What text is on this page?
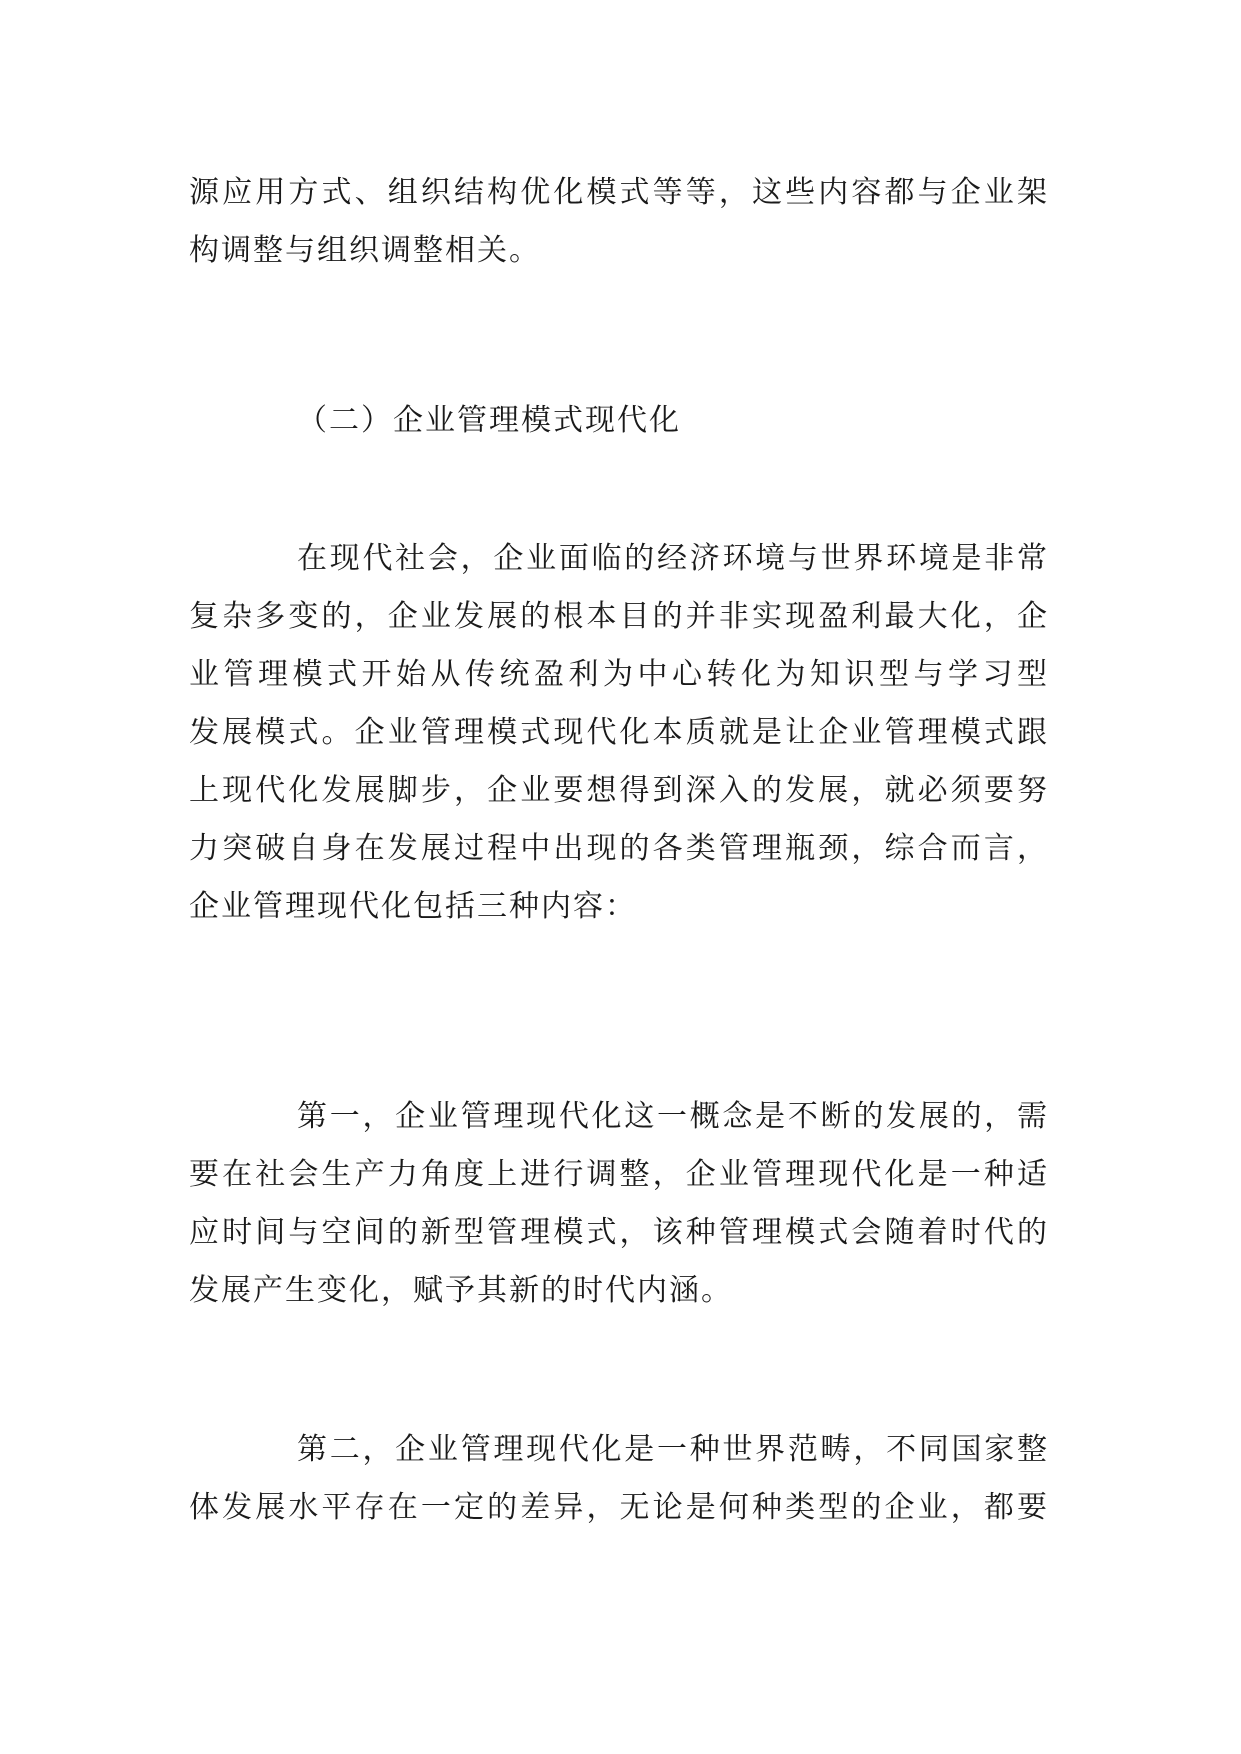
源应用方式、组织结构优化模式等等，这些内容都与企业架
构调整与组织调整相关。
（二）企业管理模式现代化
在现代社会，企业面临的经济环境与世界环境是非常
复杂多变的，企业发展的根本目的并非实现盈利最大化，企
业管理模式开始从传统盈利为中心转化为知识型与学习型
发展模式。企业管理模式现代化本质就是让企业管理模式跟
上现代化发展脚步，企业要想得到深入的发展，就必须要努
力突破自身在发展过程中出现的各类管理瓶颈，综合而言，
企业管理现代化包括三种内容：
第一，企业管理现代化这一概念是不断的发展的，需
要在社会生产力角度上进行调整，企业管理现代化是一种适
应时间与空间的新型管理模式，该种管理模式会随着时代的
发展产生变化，赋予其新的时代内涵。
第二，企业管理现代化是一种世界范畴，不同国家整
体发展水平存在一定的差异，无论是何种类型的企业，都要
